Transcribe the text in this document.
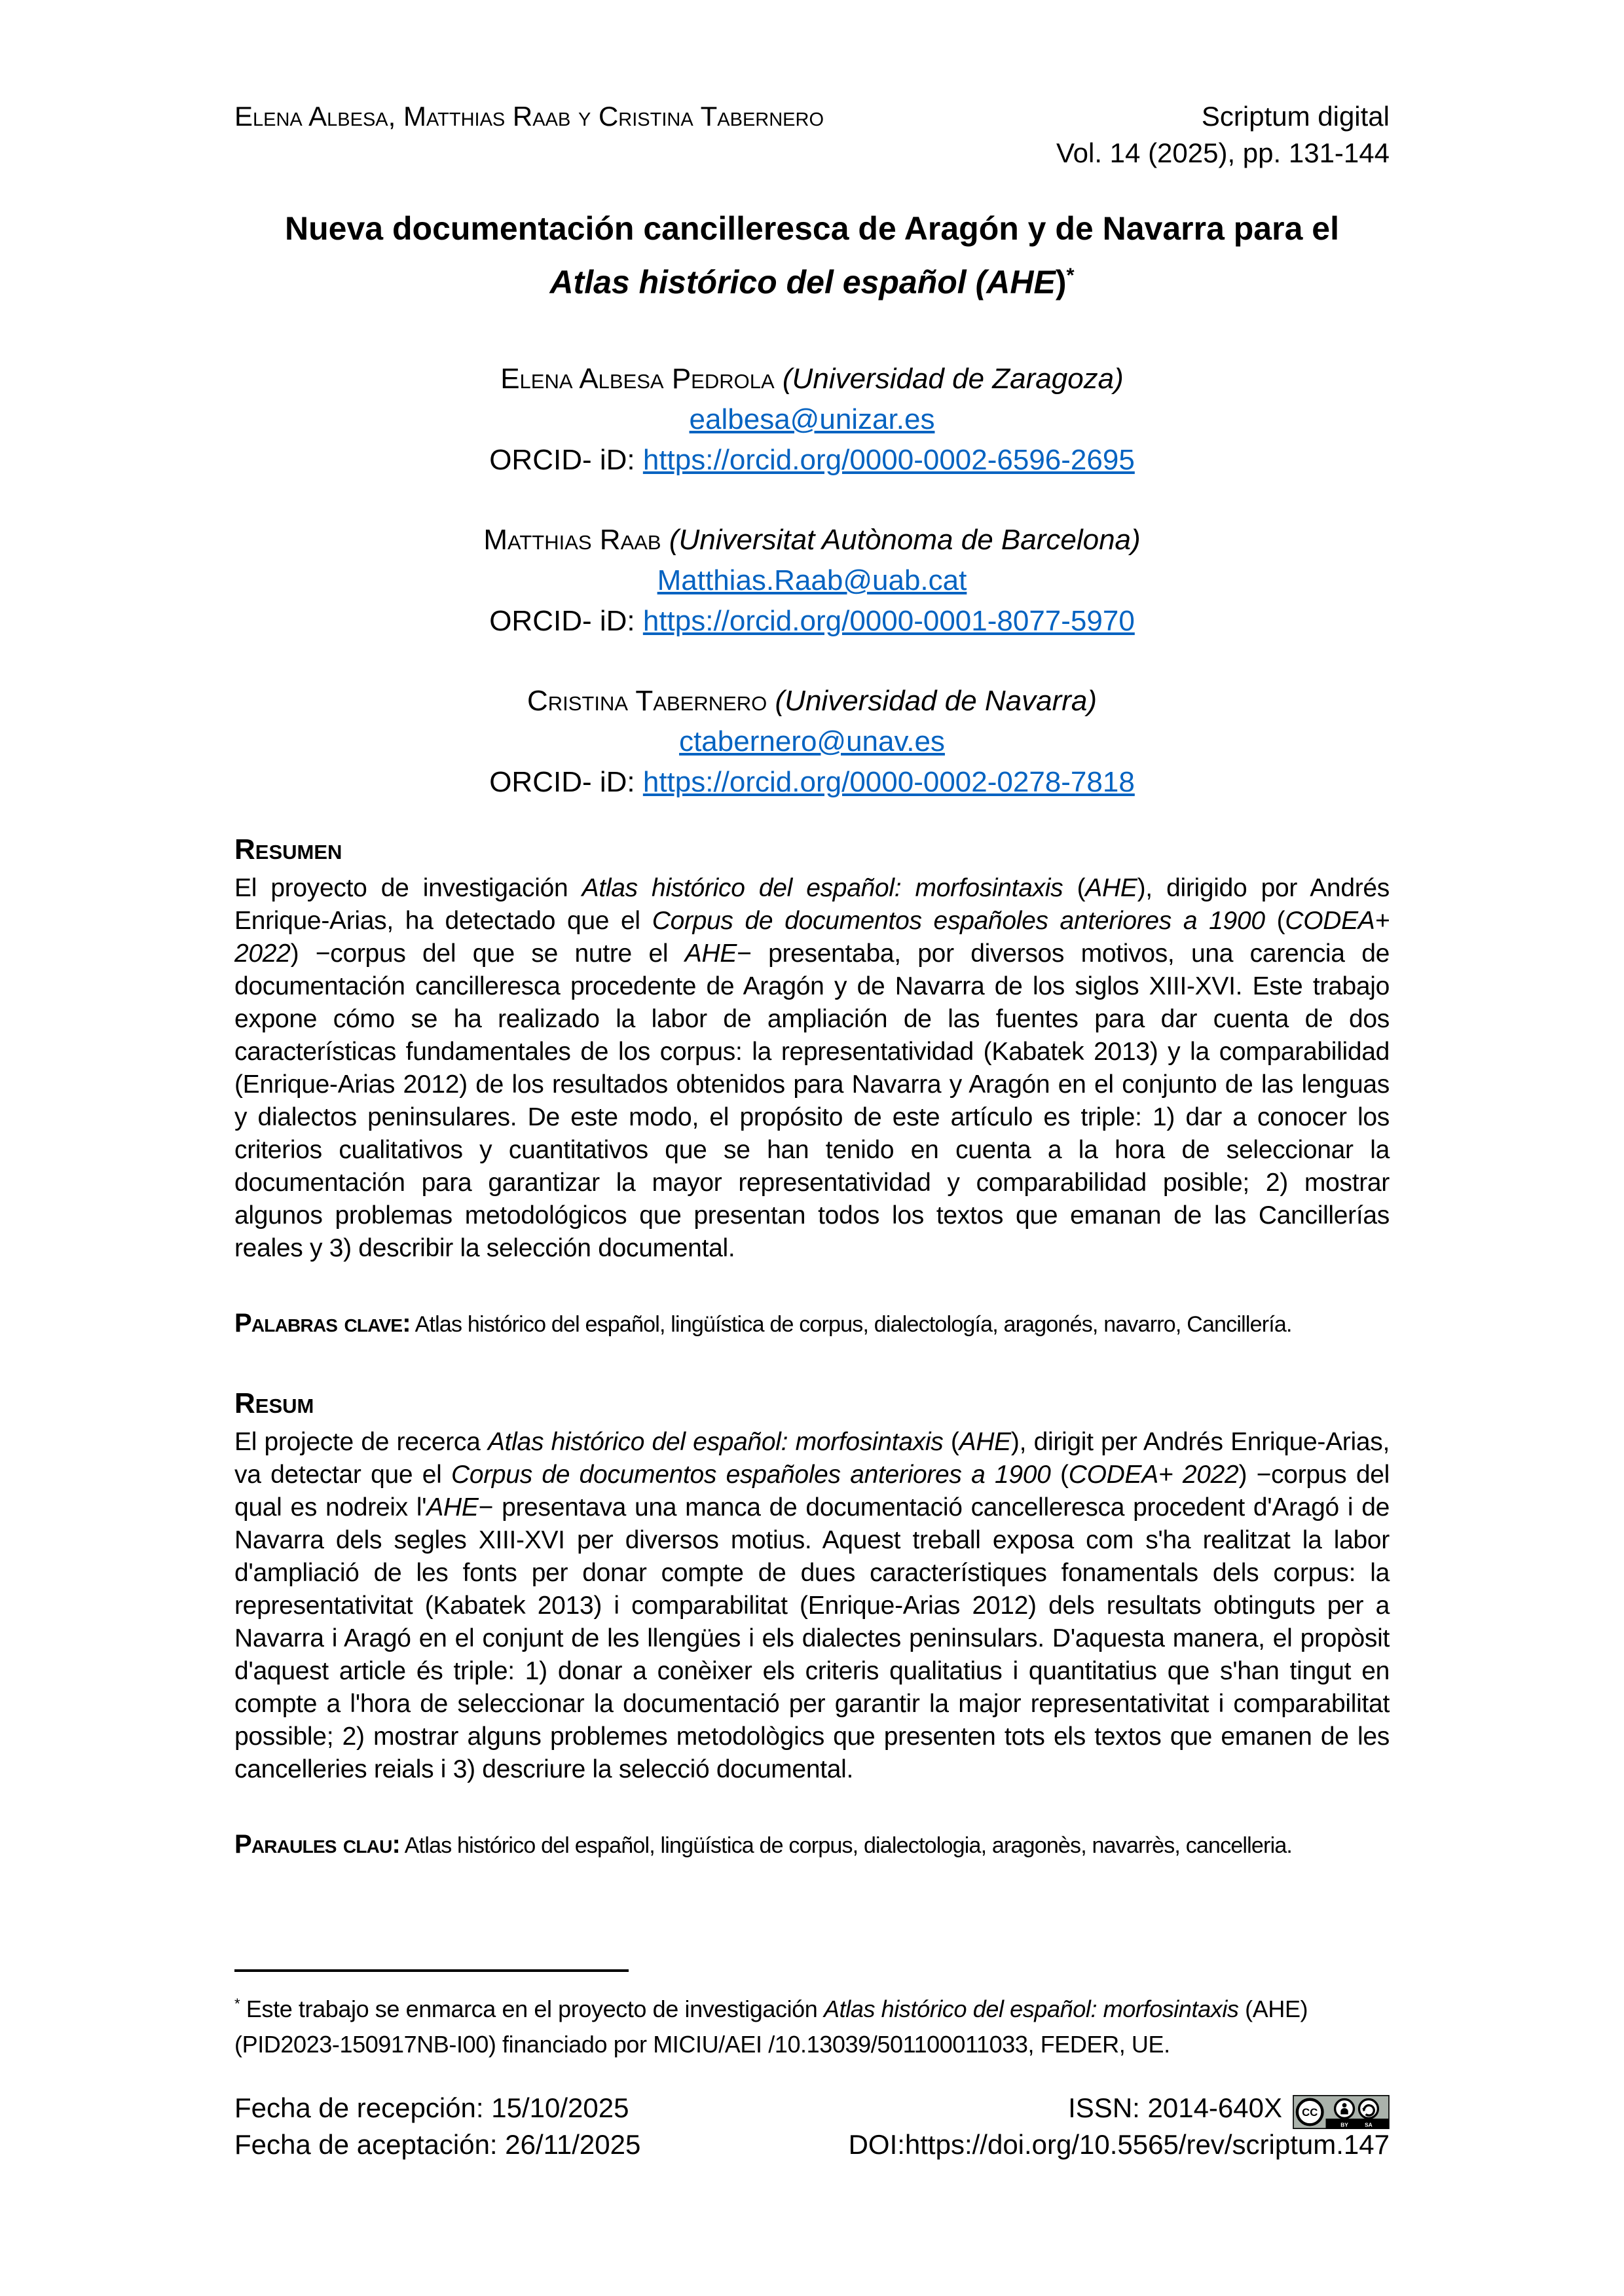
Elena Albesa, Matthias Raab y Cristina Tabernero	Scriptum digital
Vol. 14 (2025), pp. 131-144
Nueva documentación cancilleresca de Aragón y de Navarra para el
Atlas histórico del español (AHE)*
Elena Albesa Pedrola (Universidad de Zaragoza)
ealbesa@unizar.es
ORCID- iD: https://orcid.org/0000-0002-6596-2695
Matthias Raab (Universitat Autònoma de Barcelona)
Matthias.Raab@uab.cat
ORCID- iD: https://orcid.org/0000-0001-8077-5970
Cristina Tabernero (Universidad de Navarra)
ctabernero@unav.es
ORCID- iD: https://orcid.org/0000-0002-0278-7818
Resumen

El proyecto de investigación Atlas histórico del español: morfosintaxis (AHE), dirigido por Andrés Enrique-Arias, ha detectado que el Corpus de documentos españoles anteriores a 1900 (CODEA+ 2022) −corpus del que se nutre el AHE− presentaba, por diversos motivos, una carencia de documentación cancilleresca procedente de Aragón y de Navarra de los siglos XIII-XVI. Este trabajo expone cómo se ha realizado la labor de ampliación de las fuentes para dar cuenta de dos características fundamentales de los corpus: la representatividad (Kabatek 2013) y la comparabilidad (Enrique-Arias 2012) de los resultados obtenidos para Navarra y Aragón en el conjunto de las lenguas y dialectos peninsulares. De este modo, el propósito de este artículo es triple: 1) dar a conocer los criterios cualitativos y cuantitativos que se han tenido en cuenta a la hora de seleccionar la documentación para garantizar la mayor representatividad y comparabilidad posible; 2) mostrar algunos problemas metodológicos que presentan todos los textos que emanan de las Cancillerías reales y 3) describir la selección documental.

Palabras clave: Atlas histórico del español, lingüística de corpus, dialectología, aragonés, navarro, Cancillería.

Resum

El projecte de recerca Atlas histórico del español: morfosintaxis (AHE), dirigit per Andrés Enrique-Arias, va detectar que el Corpus de documentos españoles anteriores a 1900 (CODEA+ 2022) −corpus del qual es nodreix l'AHE− presentava una manca de documentació cancelleresca procedent d'Aragó i de Navarra dels segles XIII-XVI per diversos motius. Aquest treball exposa com s'ha realitzat la labor d'ampliació de les fonts per donar compte de dues característiques fonamentals dels corpus: la representativitat (Kabatek 2013) i comparabilitat (Enrique-Arias 2012) dels resultats obtinguts per a Navarra i Aragó en el conjunt de les llengües i els dialectes peninsulars. D'aquesta manera, el propòsit d'aquest article és triple: 1) donar a conèixer els criteris qualitatius i quantitatius que s'han tingut en compte a l'hora de seleccionar la documentació per garantir la major representativitat i comparabilitat possible; 2) mostrar alguns problemes metodològics que presenten tots els textos que emanen de les cancelleries reials i 3) descriure la selecció documental.

Paraules clau: Atlas histórico del español, lingüística de corpus, dialectologia, aragonès, navarrès, cancelleria.

* Este trabajo se enmarca en el proyecto de investigación Atlas histórico del español: morfosintaxis (AHE) (PID2023-150917NB-I00) financiado por MICIU/AEI /10.13039/501100011033, FEDER, UE.

Fecha de recepción: 15/10/2025	ISSN: 2014-640X	CC
BY	SA
Fecha de aceptación: 26/11/2025	DOI:https://doi.org/10.5565/rev/scriptum.147
